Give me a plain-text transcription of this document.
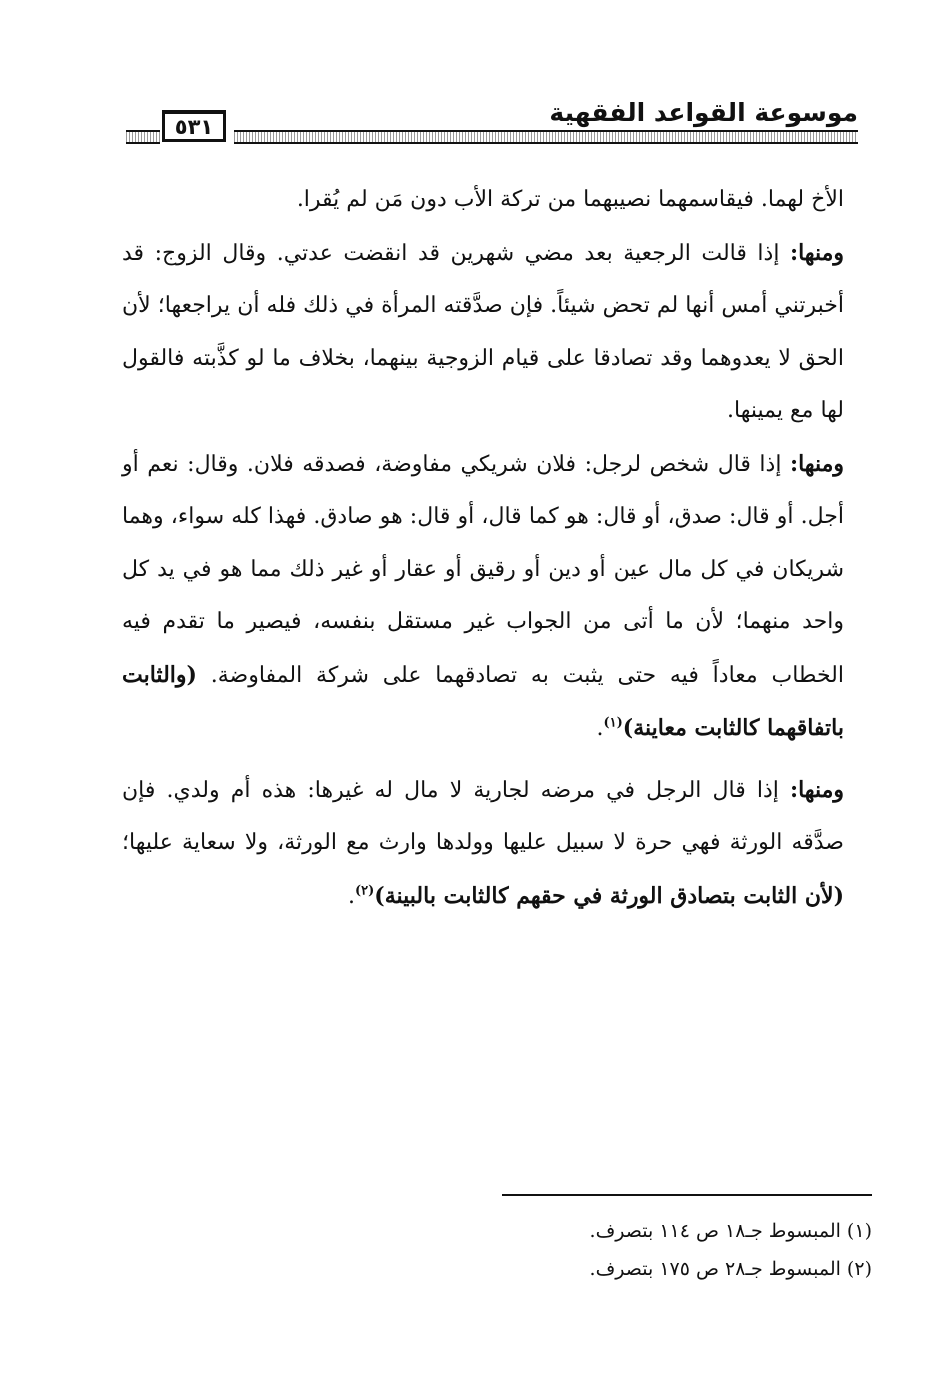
٥٣١	موسوعة القواعد الفقهية

الأخ لهما. فيقاسمهما نصيبهما من تركة الأب دون مَن لم يُقرا.

ومنها: إذا قالت الرجعية بعد مضي شهرين قد انقضت عدتي. وقال الزوج: قد أخبرتني أمس أنها لم تحض شيئاً. فإن صدَّقته المرأة في ذلك فله أن يراجعها؛ لأن الحق لا يعدوهما وقد تصادقا على قيام الزوجية بينهما، بخلاف ما لو كذَّبته فالقول لها مع يمينها.

ومنها: إذا قال شخص لرجل: فلان شريكي مفاوضة، فصدقه فلان. وقال: نعم أو أجل. أو قال: صدق، أو قال: هو كما قال، أو قال: هو صادق. فهذا كله سواء، وهما شريكان في كل مال عين أو دين أو رقيق أو عقار أو غير ذلك مما هو في يد كل واحد منهما؛ لأن ما أتى من الجواب غير مستقل بنفسه، فيصير ما تقدم فيه الخطاب معاداً فيه حتى يثبت به تصادقهما على شركة المفاوضة. (والثابت باتفاقهما كالثابت معاينة)$^{(١)}$.

ومنها: إذا قال الرجل في مرضه لجارية لا مال له غيرها: هذه أم ولدي. فإن صدَّقه الورثة فهي حرة لا سبيل عليها وولدها وارث مع الورثة، ولا سعاية عليها؛ (لأن الثابت بتصادق الورثة في حقهم كالثابت بالبينة)$^{(٢)}$.

(١) المبسوط جـ١٨ ص ١١٤ بتصرف.

(٢) المبسوط جـ٢٨ ص ١٧٥ بتصرف.
